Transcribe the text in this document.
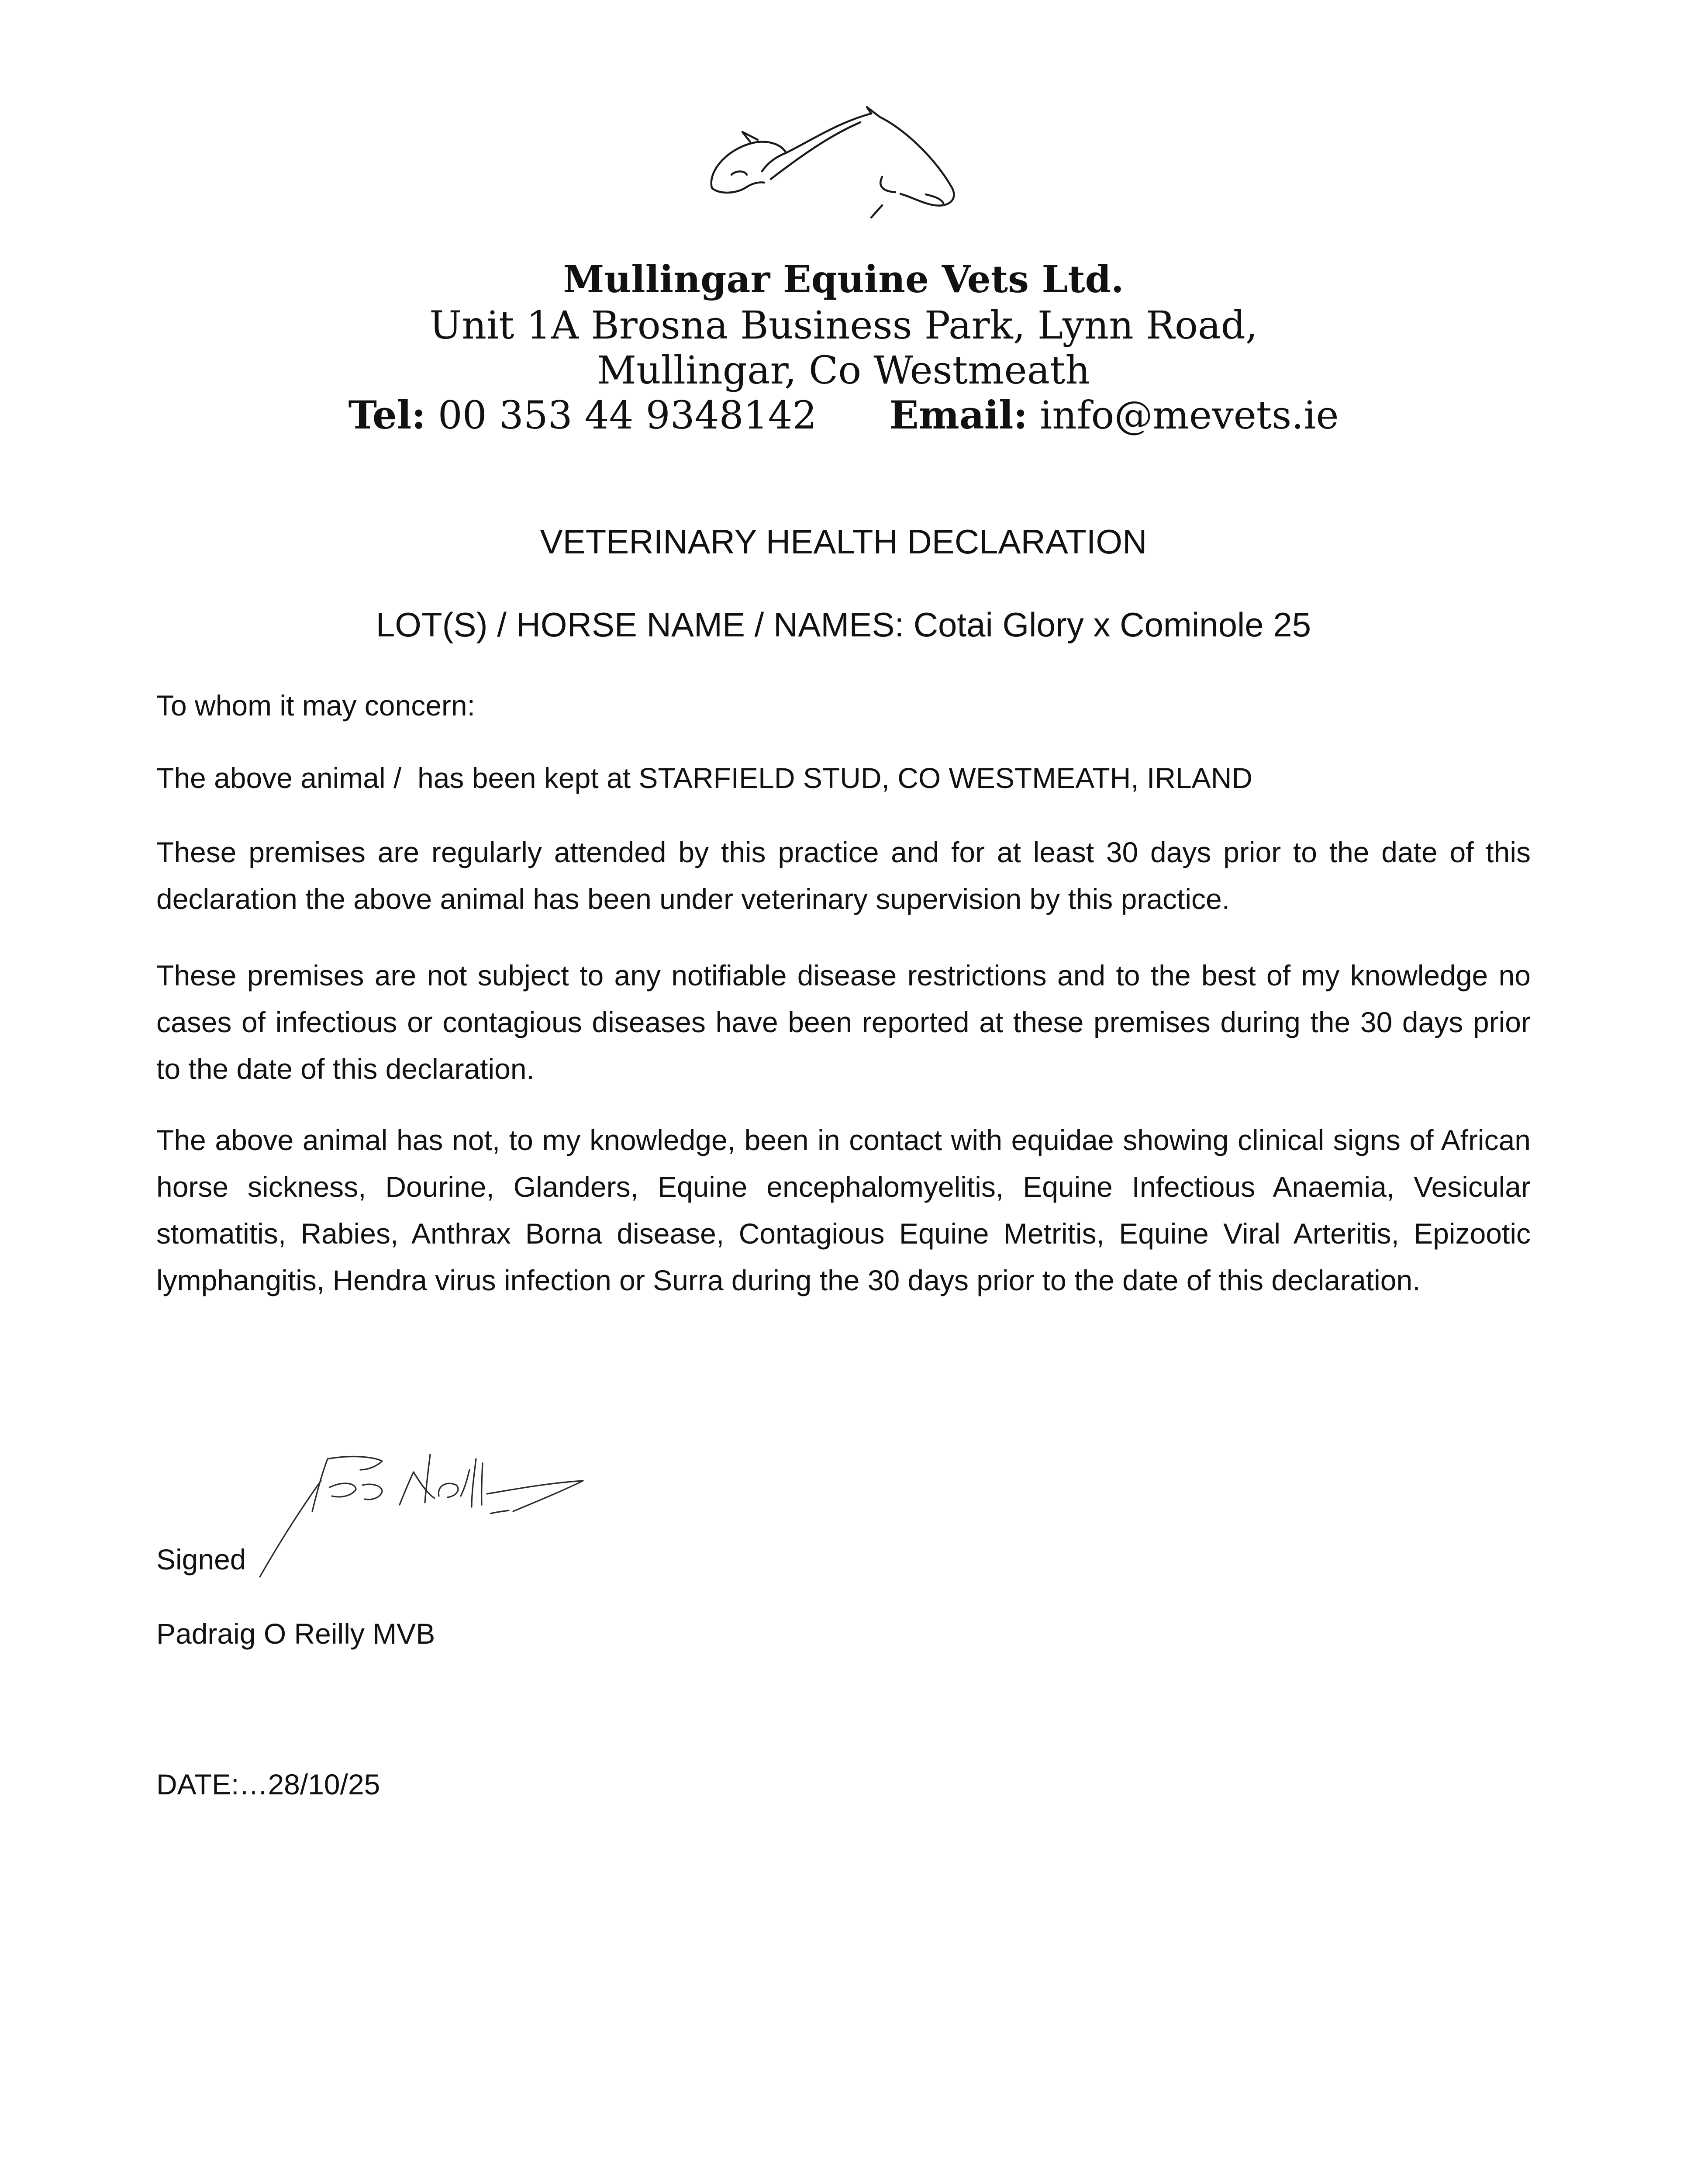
Mullingar Equine Vets Ltd.
Unit 1A Brosna Business Park, Lynn Road,
Mullingar, Co Westmeath
Tel: 00 353 44 9348142 Email: info@mevets.ie
VETERINARY HEALTH DECLARATION
LOT(S) / HORSE NAME / NAMES: Cotai Glory x Cominole 25
To whom it may concern:
The above animal /  has been kept at STARFIELD STUD, CO WESTMEATH, IRLAND
These premises are regularly attended by this practice and for at least 30 days prior to the date of this declaration the above animal has been under veterinary supervision by this practice.
These premises are not subject to any notifiable disease restrictions and to the best of my knowledge no cases of infectious or contagious diseases have been reported at these premises during the 30 days prior to the date of this declaration.
The above animal has not, to my knowledge, been in contact with equidae showing clinical signs of African horse sickness, Dourine, Glanders, Equine encephalomyelitis, Equine Infectious Anaemia, Vesicular stomatitis, Rabies, Anthrax Borna disease, Contagious Equine Metritis, Equine Viral Arteritis, Epizootic lymphangitis, Hendra virus infection or Surra during the 30 days prior to the date of this declaration.
Signed
Padraig O Reilly MVB
DATE:…28/10/25
